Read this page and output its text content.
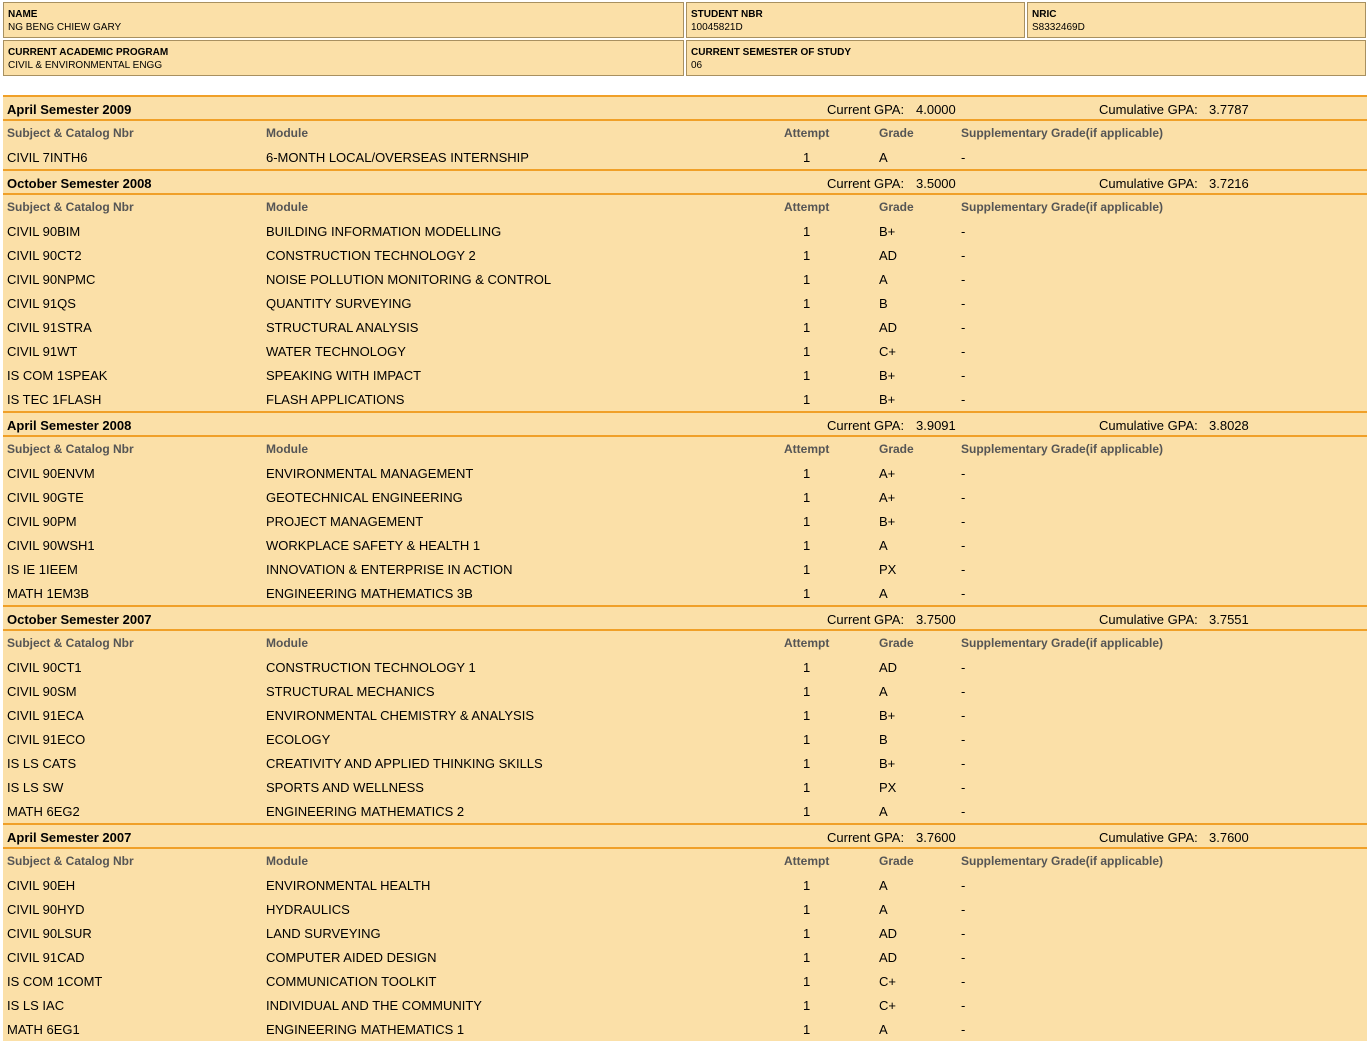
NAME
NG BENG CHIEW GARY
STUDENT NBR
10045821D
NRIC
S8332469D
CURRENT ACADEMIC PROGRAM
CIVIL & ENVIRONMENTAL ENGG
CURRENT SEMESTER OF STUDY
06
April Semester 2009	Current GPA: 4.0000	Cumulative GPA: 3.7787
Subject & Catalog Nbr	Module	Attempt	Grade	Supplementary Grade(if applicable)
CIVIL 7INTH6	6-MONTH LOCAL/OVERSEAS INTERNSHIP	1	A	-
October Semester 2008	Current GPA: 3.5000	Cumulative GPA: 3.7216
Subject & Catalog Nbr	Module	Attempt	Grade	Supplementary Grade(if applicable)
CIVIL 90BIM	BUILDING INFORMATION MODELLING	1	B+	-
CIVIL 90CT2	CONSTRUCTION TECHNOLOGY 2	1	AD	-
CIVIL 90NPMC	NOISE POLLUTION MONITORING & CONTROL	1	A	-
CIVIL 91QS	QUANTITY SURVEYING	1	B	-
CIVIL 91STRA	STRUCTURAL ANALYSIS	1	AD	-
CIVIL 91WT	WATER TECHNOLOGY	1	C+	-
IS COM 1SPEAK	SPEAKING WITH IMPACT	1	B+	-
IS TEC 1FLASH	FLASH APPLICATIONS	1	B+	-
April Semester 2008	Current GPA: 3.9091	Cumulative GPA: 3.8028
Subject & Catalog Nbr	Module	Attempt	Grade	Supplementary Grade(if applicable)
CIVIL 90ENVM	ENVIRONMENTAL MANAGEMENT	1	A+	-
CIVIL 90GTE	GEOTECHNICAL ENGINEERING	1	A+	-
CIVIL 90PM	PROJECT MANAGEMENT	1	B+	-
CIVIL 90WSH1	WORKPLACE SAFETY & HEALTH 1	1	A	-
IS IE 1IEEM	INNOVATION & ENTERPRISE IN ACTION	1	PX	-
MATH 1EM3B	ENGINEERING MATHEMATICS 3B	1	A	-
October Semester 2007	Current GPA: 3.7500	Cumulative GPA: 3.7551
Subject & Catalog Nbr	Module	Attempt	Grade	Supplementary Grade(if applicable)
CIVIL 90CT1	CONSTRUCTION TECHNOLOGY 1	1	AD	-
CIVIL 90SM	STRUCTURAL MECHANICS	1	A	-
CIVIL 91ECA	ENVIRONMENTAL CHEMISTRY & ANALYSIS	1	B+	-
CIVIL 91ECO	ECOLOGY	1	B	-
IS LS CATS	CREATIVITY AND APPLIED THINKING SKILLS	1	B+	-
IS LS SW	SPORTS AND WELLNESS	1	PX	-
MATH 6EG2	ENGINEERING MATHEMATICS 2	1	A	-
April Semester 2007	Current GPA: 3.7600	Cumulative GPA: 3.7600
Subject & Catalog Nbr	Module	Attempt	Grade	Supplementary Grade(if applicable)
CIVIL 90EH	ENVIRONMENTAL HEALTH	1	A	-
CIVIL 90HYD	HYDRAULICS	1	A	-
CIVIL 90LSUR	LAND SURVEYING	1	AD	-
CIVIL 91CAD	COMPUTER AIDED DESIGN	1	AD	-
IS COM 1COMT	COMMUNICATION TOOLKIT	1	C+	-
IS LS IAC	INDIVIDUAL AND THE COMMUNITY	1	C+	-
MATH 6EG1	ENGINEERING MATHEMATICS 1	1	A	-
